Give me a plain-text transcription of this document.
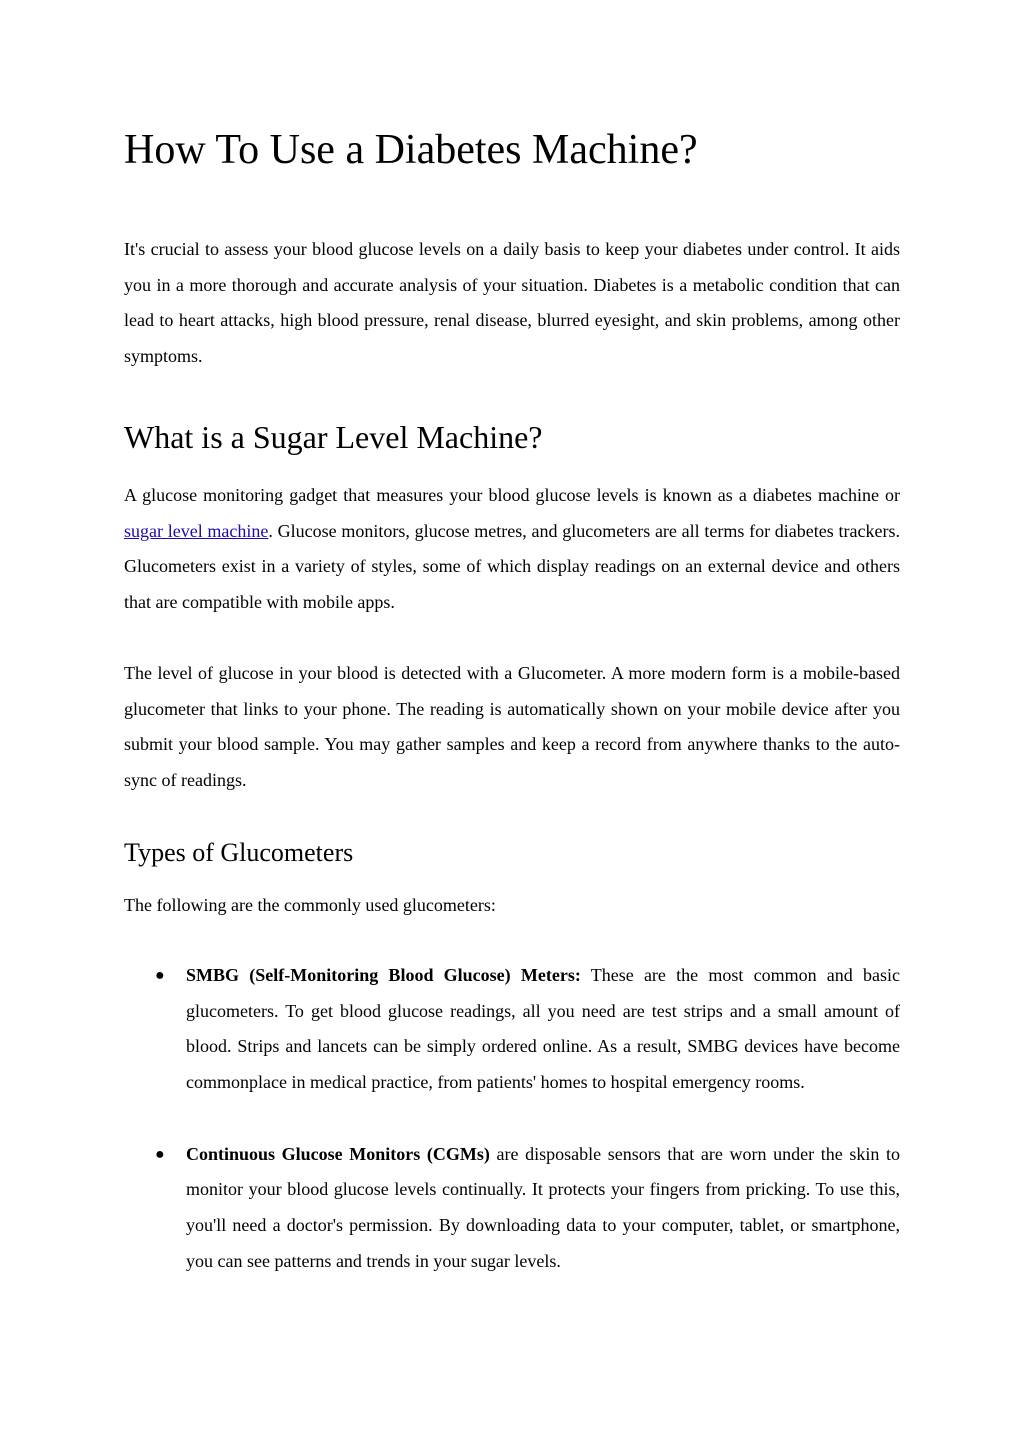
How To Use a Diabetes Machine?

It's crucial to assess your blood glucose levels on a daily basis to keep your diabetes under control. It aids you in a more thorough and accurate analysis of your situation. Diabetes is a metabolic condition that can lead to heart attacks, high blood pressure, renal disease, blurred eyesight, and skin problems, among other symptoms.

What is a Sugar Level Machine?

A glucose monitoring gadget that measures your blood glucose levels is known as a diabetes machine or sugar level machine. Glucose monitors, glucose metres, and glucometers are all terms for diabetes trackers. Glucometers exist in a variety of styles, some of which display readings on an external device and others that are compatible with mobile apps.

The level of glucose in your blood is detected with a Glucometer. A more modern form is a mobile-based glucometer that links to your phone. The reading is automatically shown on your mobile device after you submit your blood sample. You may gather samples and keep a record from anywhere thanks to the auto-sync of readings.

Types of Glucometers

The following are the commonly used glucometers:

● SMBG (Self-Monitoring Blood Glucose) Meters: These are the most common and basic glucometers. To get blood glucose readings, all you need are test strips and a small amount of blood. Strips and lancets can be simply ordered online. As a result, SMBG devices have become commonplace in medical practice, from patients' homes to hospital emergency rooms.
● Continuous Glucose Monitors (CGMs) are disposable sensors that are worn under the skin to monitor your blood glucose levels continually. It protects your fingers from pricking. To use this, you'll need a doctor's permission. By downloading data to your computer, tablet, or smartphone, you can see patterns and trends in your sugar levels.
